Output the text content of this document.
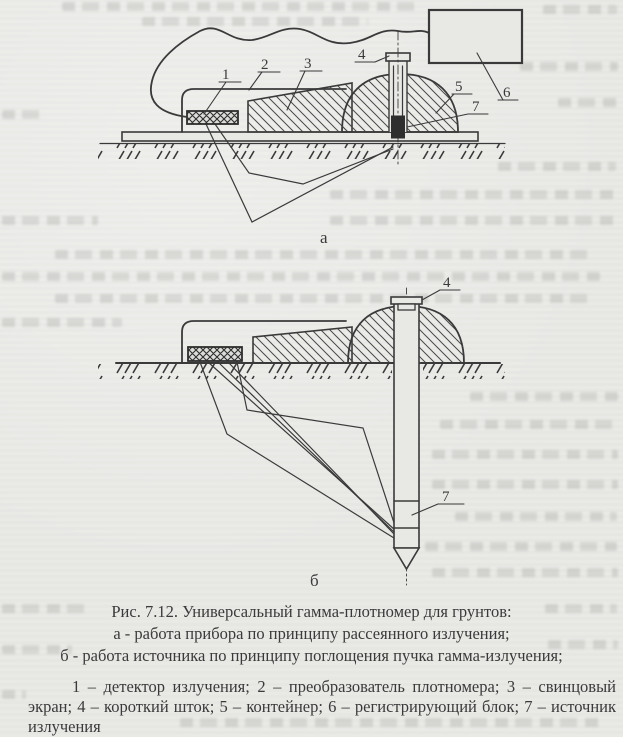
1
2 3
4
5	6
7
а
4
7
б
Рис. 7.12. Универсальный гамма-плотномер для грунтов:
а - работа прибора по принципу рассеянного излучения;
б - работа источника по принципу поглощения пучка гамма-излучения;

1 – детектор излучения; 2 – преобразователь плотномера; 3 – свинцовый экран; 4 – короткий шток; 5 – контейнер; 6 – регистрирующий блок; 7 – источник излучения
